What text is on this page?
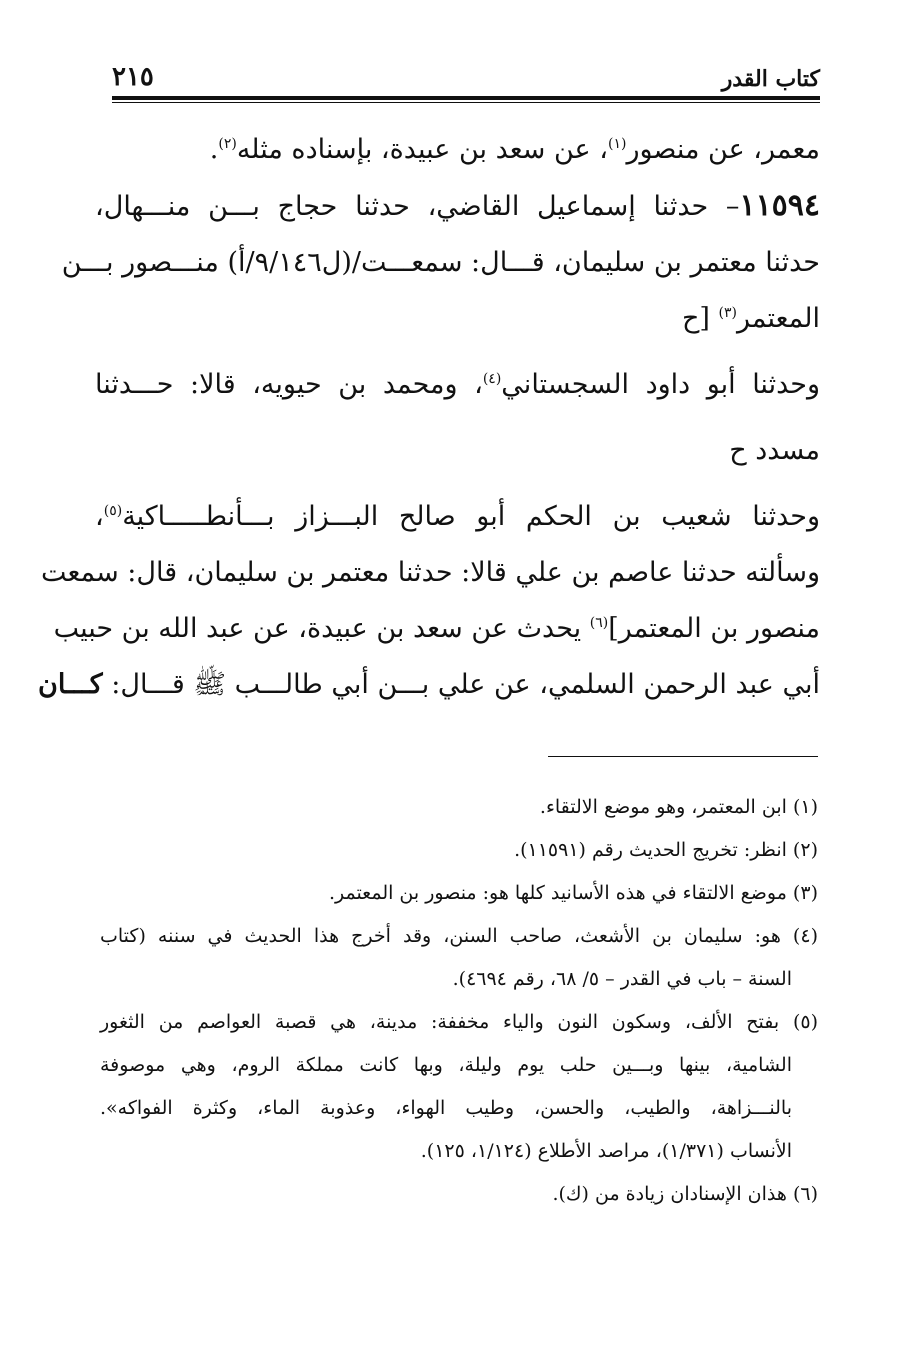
كتاب القدر
٢١٥
معمر، عن منصور$^{(١)}$، عن سعد بن عبيدة، بإسناده مثله$^{(٢)}$.
١١٥٩٤– حدثنا إسماعيل القاضي، حدثنا حجاج بـــن منـــهال،
حدثنا معتمر بن سليمان، قـــال: سمعـــت/(ل٩/١٤٦/أ) منـــصور بـــن
المعتمر$^{(٣)}$ [ح
وحدثنا أبو داود السجستاني$^{(٤)}$، ومحمد بن حيويه، قالا: حـــدثنا
مسدد ح
وحدثنا شعيب بن الحكم أبو صالح البـــزاز بـــأنطـــــاكية$^{(٥)}$،
وسألته حدثنا عاصم بن علي قالا: حدثنا معتمر بن سليمان، قال: سمعت
منصور بن المعتمر]$^{(٦)}$ يحدث عن سعد بن عبيدة، عن عبد الله بن حبيب
أبي عبد الرحمن السلمي، عن علي بـــن أبي طالـــب ﷺ قـــال: كـــان
(١) ابن المعتمر، وهو موضع الالتقاء.
(٢) انظر: تخريج الحديث رقم (١١٥٩١).
(٣) موضع الالتقاء في هذه الأسانيد كلها هو: منصور بن المعتمر.
(٤) هو: سليمان بن الأشعث، صاحب السنن، وقد أخرج هذا الحديث في سننه (كتاب
السنة – باب في القدر – ٥/ ٦٨، رقم ٤٦٩٤).
(٥) بفتح الألف، وسكون النون والياء مخففة: مدينة، هي قصبة العواصم من الثغور
الشامية، بينها وبـــين حلب يوم وليلة، وبها كانت مملكة الروم، وهي موصوفة
بالنـــزاهة، والطيب، والحسن، وطيب الهواء، وعذوبة الماء، وكثرة الفواكه».
الأنساب (١/٣٧١)، مراصد الأطلاع (١/١٢٤، ١٢٥).
(٦) هذان الإسنادان زيادة من (ك).
